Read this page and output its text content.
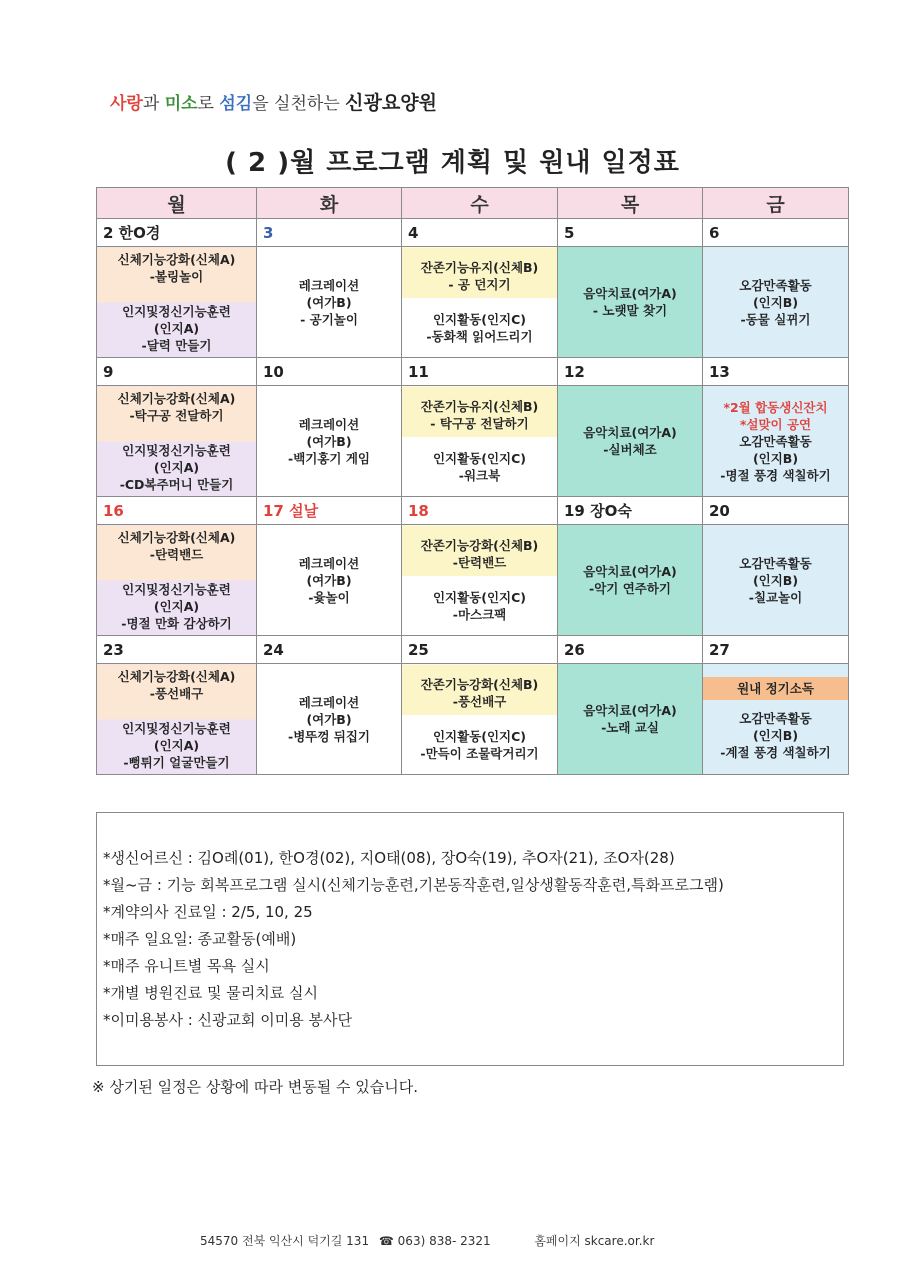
사랑과 미소로 섬김을 실천하는 신광요양원
( 2 )월 프로그램 계획 및 원내 일정표
월	화	수	목	금
2 한O경	3	4	5	6

신체기능강화(신체A)
-볼링놀이
인지및정신기능훈련
(인지A)
-달력 만들기	레크레이션
(여가B)
- 공기놀이	잔존기능유지(신체B)
- 공 던지기
인지활동(인지C)
-동화책 읽어드리기	음악치료(여가A)
- 노랫말 찾기	오감만족활동
(인지B)
-동물 실뀌기
9	10	11	12	13

신체기능강화(신체A)
-탁구공 전달하기
인지및정신기능훈련
(인지A)
-CD복주머니 만들기	레크레이션
(여가B)
-백기홍기 게임	잔존기능유지(신체B)
- 탁구공 전달하기
인지활동(인지C)
-워크북	음악치료(여가A)
-실버체조	*2월 합동생신잔치
*설맞이 공연
오감만족활동
(인지B)
-명절 풍경 색칠하기
16	17 설날	18	19 장O숙	20

신체기능강화(신체A)
-탄력밴드
인지및정신기능훈련
(인지A)
-명절 만화 감상하기	레크레이션
(여가B)
-윷놀이	잔존기능강화(신체B)
-탄력밴드
인지활동(인지C)
-마스크팩	음악치료(여가A)
-악기 연주하기	오감만족활동
(인지B)
-칠교놀이
23	24	25	26	27

신체기능강화(신체A)
-풍선배구
인지및정신기능훈련
(인지A)
-뻥튀기 얼굴만들기	레크레이션
(여가B)
-병뚜껑 뒤집기	잔존기능강화(신체B)
-풍선배구
인지활동(인지C)
-만득이 조물락거리기	음악치료(여가A)
-노래 교실	원내 정기소독
오감만족활동
(인지B)
-계절 풍경 색칠하기
*생신어르신 : 김O례(01), 한O경(02), 지O태(08), 장O숙(19), 추O자(21), 조O자(28)
*월~금 : 기능 회복프로그램 실시(신체기능훈련,기본동작훈련,일상생활동작훈련,특화프로그램)
*계약의사 진료일 : 2/5, 10, 25
*매주 일요일: 종교활동(예배)
*매주 유니트별 목욕 실시
*개별 병원진료 및 물리치료 실시
*이미용봉사 : 신광교회 이미용 봉사단
※ 상기된 일정은 상황에 따라 변동될 수 있습니다.
54570 전북 익산시 덕기길 131 ☎ 063) 838- 2321	홈페이지 skcare.or.kr
